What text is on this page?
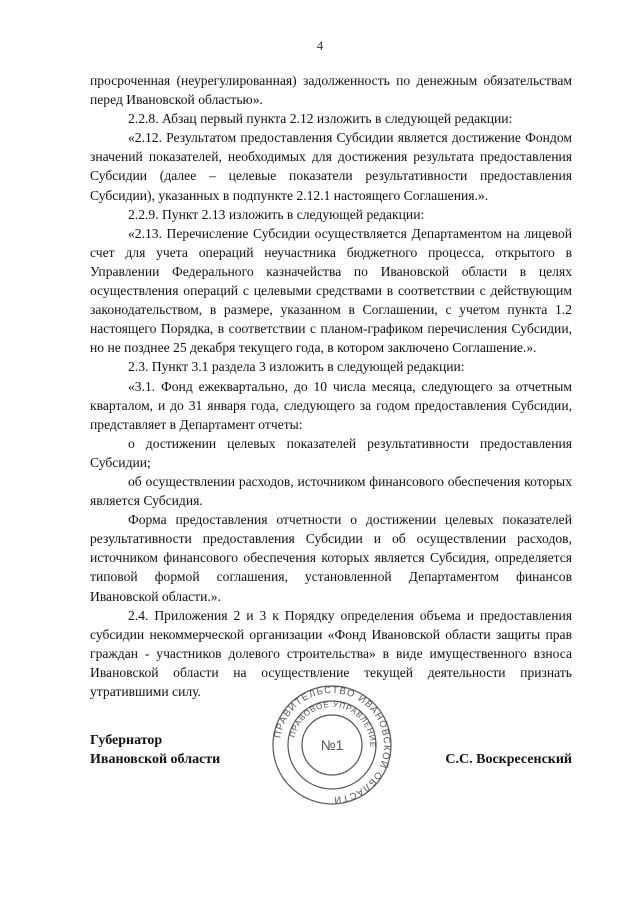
4

просроченная (неурегулированная) задолженность по денежным обязательствам перед Ивановской областью».

2.2.8. Абзац первый пункта 2.12 изложить в следующей редакции:

«2.12. Результатом предоставления Субсидии является достижение Фондом значений показателей, необходимых для достижения результата предоставления Субсидии (далее – целевые показатели результативности предоставления Субсидии), указанных в подпункте 2.12.1 настоящего Соглашения.».

2.2.9. Пункт 2.13 изложить в следующей редакции:

«2.13. Перечисление Субсидии осуществляется Департаментом на лицевой счет для учета операций неучастника бюджетного процесса, открытого в Управлении Федерального казначейства по Ивановской области в целях осуществления операций с целевыми средствами в соответствии с действующим законодательством, в размере, указанном в Соглашении, с учетом пункта 1.2 настоящего Порядка, в соответствии с планом-графиком перечисления Субсидии, но не позднее 25 декабря текущего года, в котором заключено Соглашение.».

2.3. Пункт 3.1 раздела 3 изложить в следующей редакции:

«3.1. Фонд ежеквартально, до 10 числа месяца, следующего за отчетным кварталом, и до 31 января года, следующего за годом предоставления Субсидии, представляет в Департамент отчеты:

о достижении целевых показателей результативности предоставления Субсидии;

об осуществлении расходов, источником финансового обеспечения которых является Субсидия.

Форма предоставления отчетности о достижении целевых показателей результативности предоставления Субсидии и об осуществлении расходов, источником финансового обеспечения которых является Субсидия, определяется типовой формой соглашения, установленной Департаментом финансов Ивановской области.».

2.4. Приложения 2 и 3 к Порядку определения объема и предоставления субсидии некоммерческой организации «Фонд Ивановской области защиты прав граждан - участников долевого строительства» в виде имущественного взноса Ивановской области на осуществление текущей деятельности признать утратившими силу.

Губернатор
Ивановской области	С.С. Воскресенский
ПРАВИТЕЛЬСТВО ИВАНОВСКОЙ ОБЛАСТИ
ПРАВОВОЕ УПРАВЛЕНИЕ
№1
